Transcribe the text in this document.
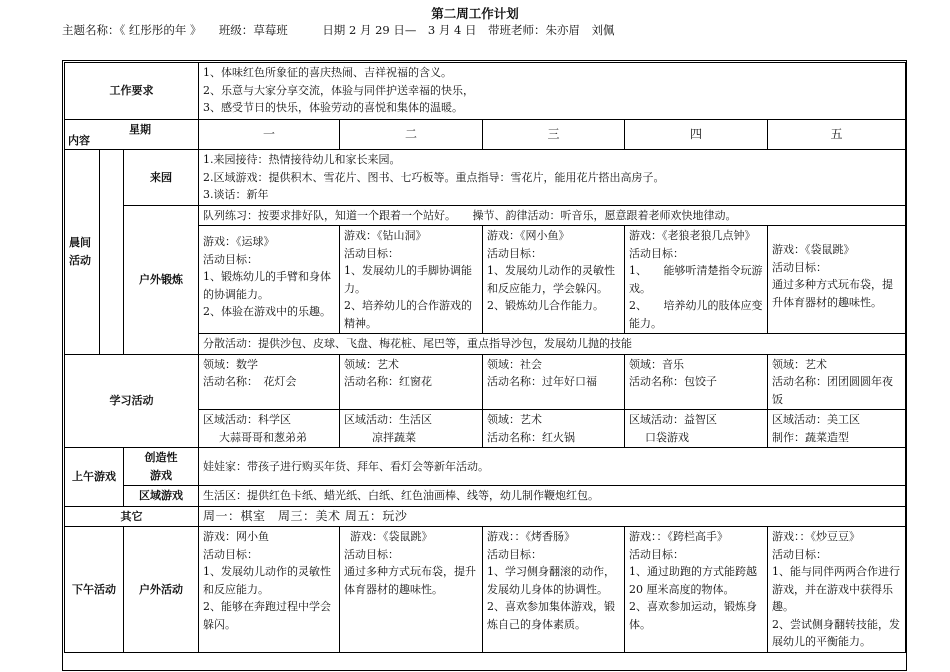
第二周工作计划
主题名称：《 红彤彤的年 》　　 班级：草莓班　　　	日期 2 月 29 日—　3 月 4 日　 带班老师：朱亦眉　刘佩
工作要求			1、体味红色所象征的喜庆热闹、吉祥祝福的含义。
2、乐意与大家分享交流，体验与同伴护送幸福的快乐，
3、感受节日的快乐，体验劳动的喜悦和集体的温暖。				

星期
内容			一	二	三	四	五

晨间
活动		来园	1.来园接待：热情接待幼儿和家长来园。
2.区域游戏：提供积木、雪花片、图书、七巧板等。重点指导：雪花片，能用花片搭出高房子。
3.谈话：新年				

		户外锻炼	队列练习：按要求排好队，知道一个跟着一个站好。　　操节、韵律活动：听音乐，愿意跟着老师欢快地律动。				

			游戏：《运球》
活动目标：
1、锻炼幼儿的手臂和身体的协调能力。
2、体验在游戏中的乐趣。	游戏：《钻山洞》
活动目标：
1、发展幼儿的手脚协调能力。
2、培养幼儿的合作游戏的精神。	游戏：《网小鱼》
活动目标：
1、发展幼儿动作的灵敏性和反应能力，学会躲闪。
2、锻炼幼儿合作能力。	游戏：《老狼老狼几点钟》
活动目标：
1、　　能够听清楚指令玩游戏。
2、　　培养幼儿的肢体应变能力。	游戏：《袋鼠跳》
活动目标：
通过多种方式玩布袋，提升体育器材的趣味性。

			分散活动：提供沙包、皮球、飞盘、梅花桩、尾巴等，重点指导沙包，发展幼儿抛的技能				
学习活动			领域：数学
活动名称：　花灯会	领域：艺术
活动名称：红窗花	领域：社会
活动名称：过年好口福	领域：音乐
活动名称：包饺子	领域：艺术
活动名称：团团圆圆年夜饭

			区域活动：科学区
大蒜哥哥和葱弟弟	区域活动：生活区
凉拌蔬菜	领域：艺术
活动名称：红火锅	区域活动：益智区
口袋游戏	区域活动：美工区
制作：蔬菜造型

上午游戏		创造性
游戏	娃娃家：带孩子进行购买年货、拜年、看灯会等新年活动。				
		区域游戏	生活区：提供红色卡纸、蜡光纸、白纸、红色油画棒、线等，幼儿制作鞭炮红包。				
其它			周一：棋室　周三：美术 周五：玩沙				
下午活动		户外活动	游戏：网小鱼
活动目标：
1、发展幼儿动作的灵敏性和反应能力。
2、能够在奔跑过程中学会躲闪。	游戏：《袋鼠跳》
活动目标：
通过多种方式玩布袋，提升体育器材的趣味性。	游戏：：《烤香肠》
活动目标：
1、学习侧身翻滚的动作，发展幼儿身体的协调性。
2、喜欢参加集体游戏，锻炼自己的身体素质。	游戏：：《跨栏高手》
活动目标：
1、通过助跑的方式能跨越 20 厘米高度的物体。
2、喜欢参加运动，锻炼身体。	游戏：：《炒豆豆》
活动目标：
1、能与同伴两两合作进行游戏，并在游戏中获得乐趣。
2、尝试侧身翻转技能，发展幼儿的平衡能力。
